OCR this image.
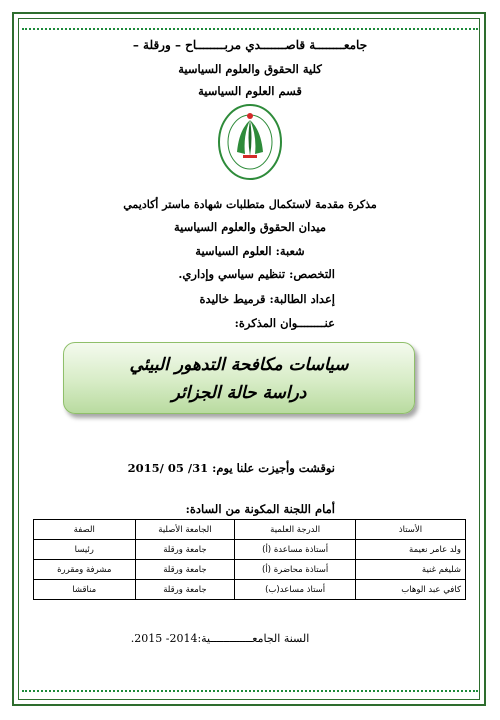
جامعــــــــة قاصـــــــدي مربــــــــاح – ورقلة –
كلية الحقوق والعلوم السياسية
قسم العلوم السياسية
مذكرة مقدمة لاستكمال متطلبات شهادة ماستر أكاديمي
ميدان الحقوق والعلوم السياسية
شعبة: العلوم السياسية
التخصص: تنظيم سياسي وإداري.
إعداد الطالبة: قرميط خاليدة
عنــــــــوان المذكرة:
سياسات مكافحة التدهور البيئي
دراسة حالة الجزائر
نوقشت وأجيزت علنا يوم: 31/ 05 /2015
أمام اللجنة المكونة من السادة:
الأستاذ	الدرجة العلمية	الجامعة الأصلية	الصفة
ولد عامر نعيمة	أستاذة مساعدة (أ)	جامعة ورقلة	رئيسا
شليغم غنية	أستاذة محاضرة (أ)	جامعة ورقلة	مشرفة ومقررة
كافي عبد الوهاب	أستاذ مساعد(ب)	جامعة ورقلة	مناقشا
السنة الجامعـــــــــــــية:2014- 2015.
